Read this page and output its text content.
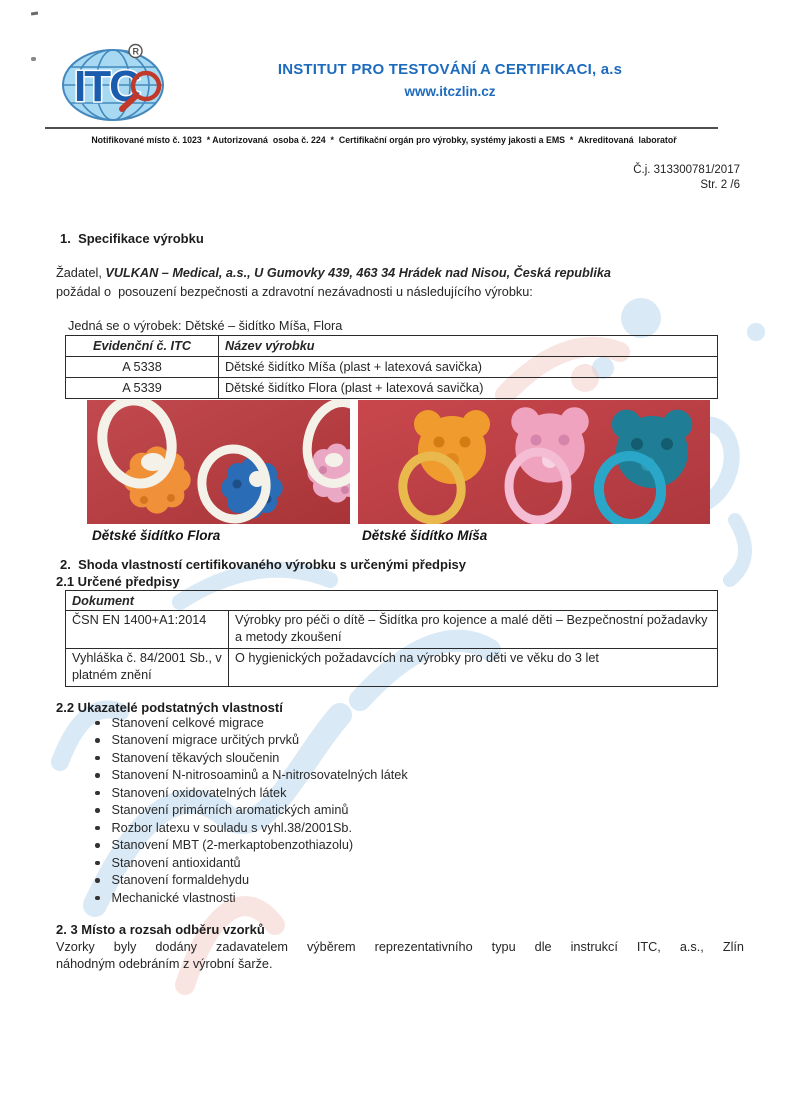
ITC
R
INSTITUT PRO TESTOVÁNÍ A CERTIFIKACI, a.s
www.itczlin.cz
Notifikované místo č. 1023  * Autorizovaná  osoba č. 224  *  Certifikační orgán pro výrobky, systémy jakosti a EMS  *  Akreditovaná  laboratoř
Č.j. 313300781/2017
Str. 2 /6
1.  Specifikace výrobku
Žadatel, VULKAN – Medical, a.s., U Gumovky 439, 463 34 Hrádek nad Nisou, Česká republika
požádal o  posouzení bezpečnosti a zdravotní nezávadnosti u následujícího výrobku:
Jedná se o výrobek: Dětské – šidítko Míša, Flora
Evidenční č. ITC	Název výrobku
A 5338	Dětské šidítko Míša (plast + latexová savička)
A 5339	Dětské šidítko Flora (plast + latexová savička)
Dětské šidítko Flora	Dětské šidítko Míša
2.  Shoda vlastností certifikovaného výrobku s určenými předpisy
2.1 Určené předpisy
Dokument	
ČSN EN 1400+A1:2014	Výrobky pro péči o dítě – Šidítka pro kojence a malé děti – Bezpečnostní požadavky a metody zkoušení
Vyhláška č. 84/2001 Sb., v platném znění	O hygienických požadavcích na výrobky pro děti ve věku do 3 let
2.2 Ukazatelé podstatných vlastností
Stanovení celkové migrace
Stanovení migrace určitých prvků
Stanovení těkavých sloučenin
Stanovení N-nitrosoaminů a N-nitrosovatelných látek
Stanovení oxidovatelných látek
Stanovení primárních aromatických aminů
Rozbor latexu v souladu s vyhl.38/2001Sb.
Stanovení MBT (2-merkaptobenzothiazolu)
Stanovení antioxidantů
Stanovení formaldehydu
Mechanické vlastnosti
2. 3 Místo a rozsah odběru vzorků
Vzorky byly dodány zadavatelem výběrem reprezentativního typu dle instrukcí ITC, a.s., Zlín
náhodným odebráním z výrobní šarže.
